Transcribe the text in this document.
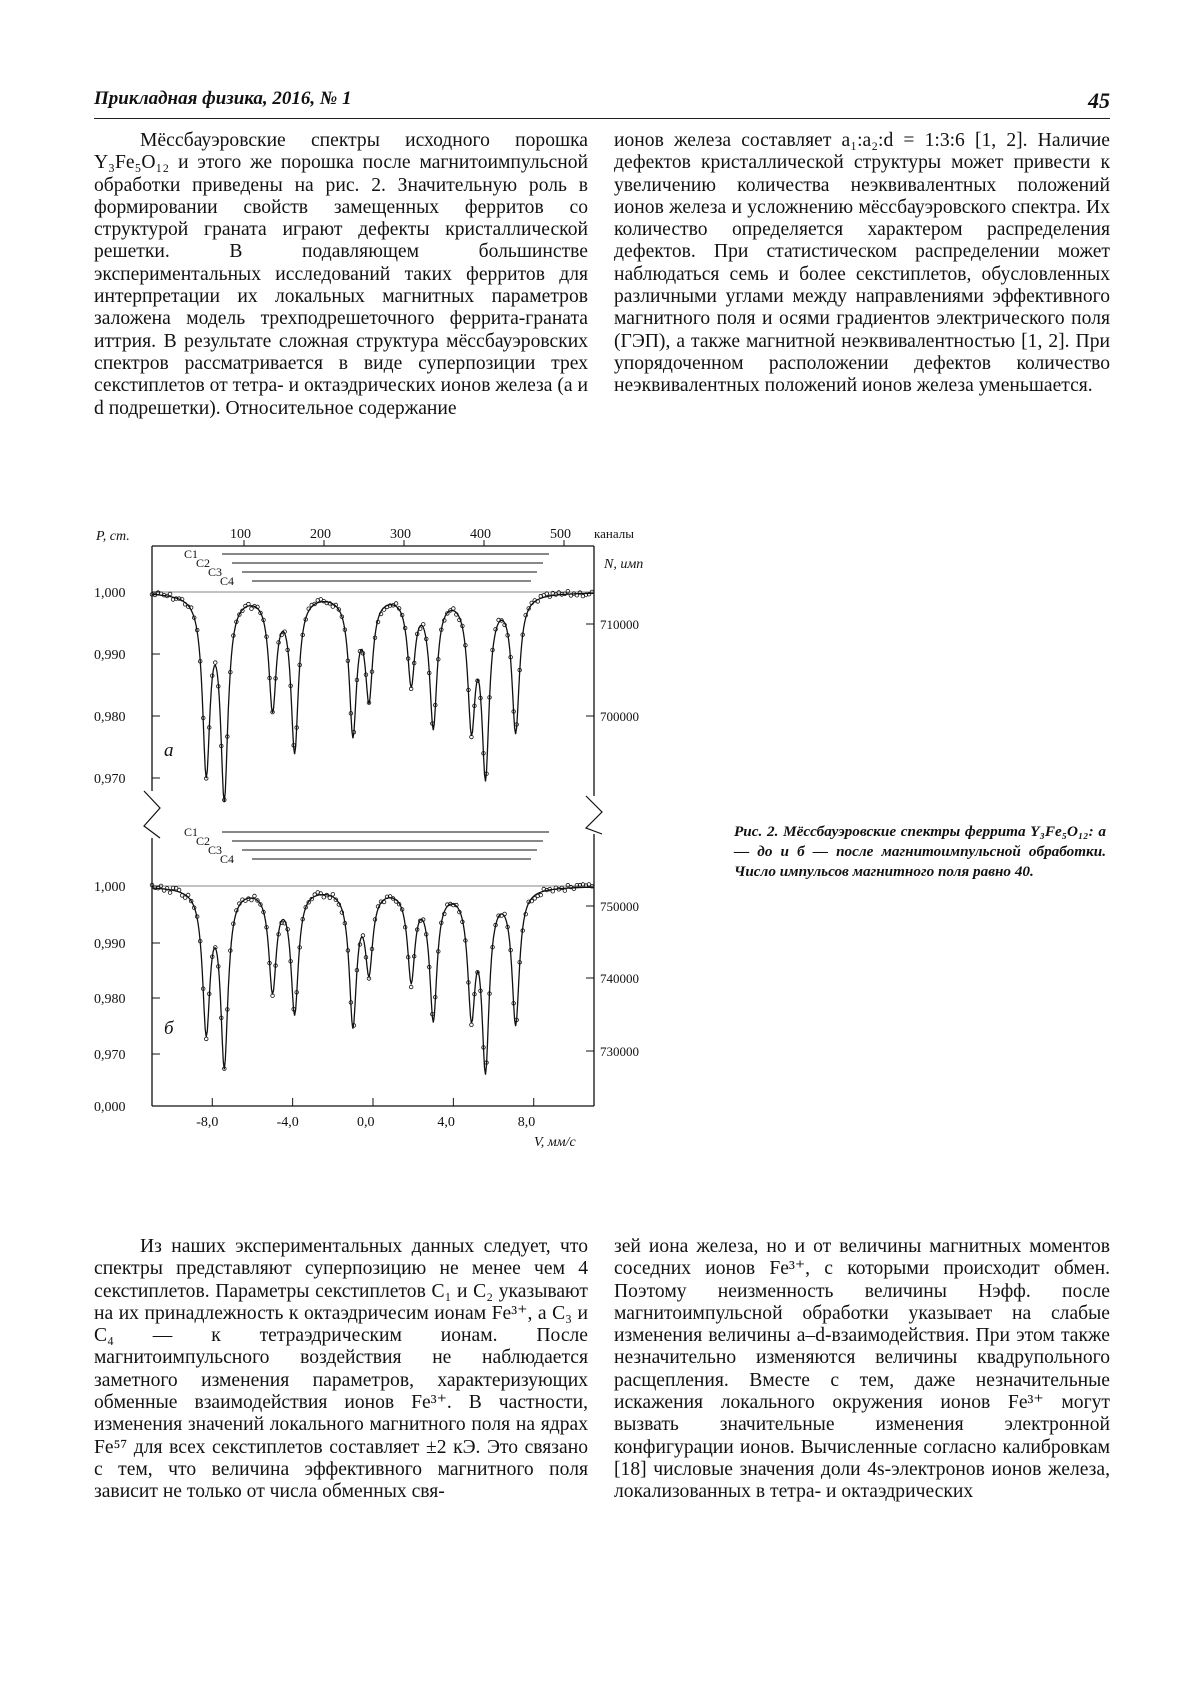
Прикладная физика, 2016, № 1	45

Мёссбауэровские спектры исходного порошка Y₃Fe₅O₁₂ и этого же порошка после магнитоимпульсной обработки приведены на рис. 2. Значительную роль в формировании свойств замещенных ферритов со структурой граната играют дефекты кристаллической решетки. В подавляющем большинстве экспериментальных исследований таких ферритов для интерпретации их локальных магнитных параметров заложена модель трехподрешеточного феррита-граната иттрия. В результате сложная структура мёссбауэровских спектров рассматривается в виде суперпозиции трех секстиплетов от тетра- и октаэдрических ионов железа (a и d подрешетки). Относительное содержание

ионов железа составляет a₁:a₂:d = 1:3:6 [1, 2]. Наличие дефектов кристаллической структуры может привести к увеличению количества неэквивалентных положений ионов железа и усложнению мёссбауэровского спектра. Их количество определяется характером распределения дефектов. При статистическом распределении может наблюдаться семь и более секстиплетов, обусловленных различными углами между направлениями эффективного магнитного поля и осями градиентов электрического поля (ГЭП), а также магнитной неэквивалентностью [1, 2]. При упорядоченном расположении дефектов количество неэквивалентных положений ионов железа уменьшается.

100	200	300	400	500 каналы
P, ст.
N, имп
1,000
0,990
0,980
0,970
710000
700000
а
C1
C2
C3
C4
1,000
0,990
0,980
0,970
0,000
750000
740000
730000
б
C1
C2
C3
C4
-8,0	-4,0	0,0	4,0	8,0
V, мм/с
Рис. 2. Мёссбауэровские спектры феррита Y₃Fe₅O₁₂: а — до и б — после магнитоимпульсной обработки. Число импульсов магнитного поля равно 40.

Из наших экспериментальных данных следует, что спектры представляют суперпозицию не менее чем 4 секстиплетов. Параметры секстиплетов C₁ и C₂ указывают на их принадлежность к октаэдричесим ионам Fe³⁺, а C₃ и C₄ — к тетраэдрическим ионам. После магнитоимпульсного воздействия не наблюдается заметного изменения параметров, характеризующих обменные взаимодействия ионов Fe³⁺. В частности, изменения значений локального магнитного поля на ядрах Fe⁵⁷ для всех секстиплетов составляет ±2 кЭ. Это связано с тем, что величина эффективного магнитного поля зависит не только от числа обменных свя-

зей иона железа, но и от величины магнитных моментов соседних ионов Fe³⁺, с которыми происходит обмен. Поэтому неизменность величины Hэфф. после магнитоимпульсной обработки указывает на слабые изменения величины a–d-взаимодействия. При этом также незначительно изменяются величины квадрупольного расщепления. Вместе с тем, даже незначительные искажения локального окружения ионов Fe³⁺ могут вызвать значительные изменения электронной конфигурации ионов. Вычисленные согласно калибровкам [18] числовые значения доли 4s-электронов ионов железа, локализованных в тетра- и октаэдрических
